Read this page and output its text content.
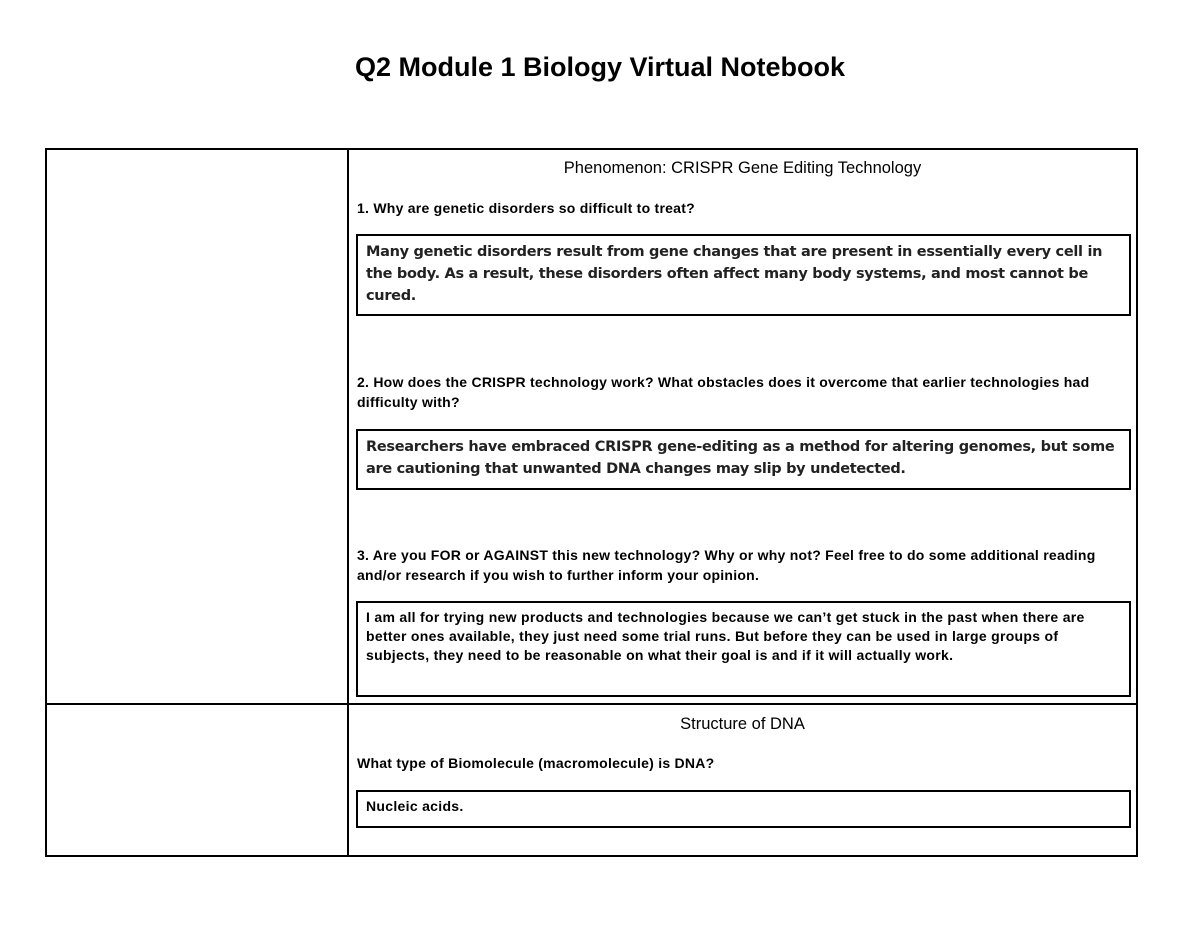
Q2 Module 1 Biology Virtual Notebook
Phenomenon: CRISPR Gene Editing Technology

1. Why are genetic disorders so difficult to treat?

Many genetic disorders result from gene changes that are present in essentially every cell in the body. As a result, these disorders often affect many body systems, and most cannot be cured.

2. How does the CRISPR technology work? What obstacles does it overcome that earlier technologies had difficulty with?

Researchers have embraced CRISPR gene-editing as a method for altering genomes, but some are cautioning that unwanted DNA changes may slip by undetected.

3. Are you FOR or AGAINST this new technology? Why or why not? Feel free to do some additional reading and/or research if you wish to further inform your opinion.

I am all for trying new products and technologies because we can’t get stuck in the past when there are better ones available, they just need some trial runs. But before they can be used in large groups of subjects, they need to be reasonable on what their goal is and if it will actually work.
Structure of DNA

What type of Biomolecule (macromolecule) is DNA?

Nucleic acids.
